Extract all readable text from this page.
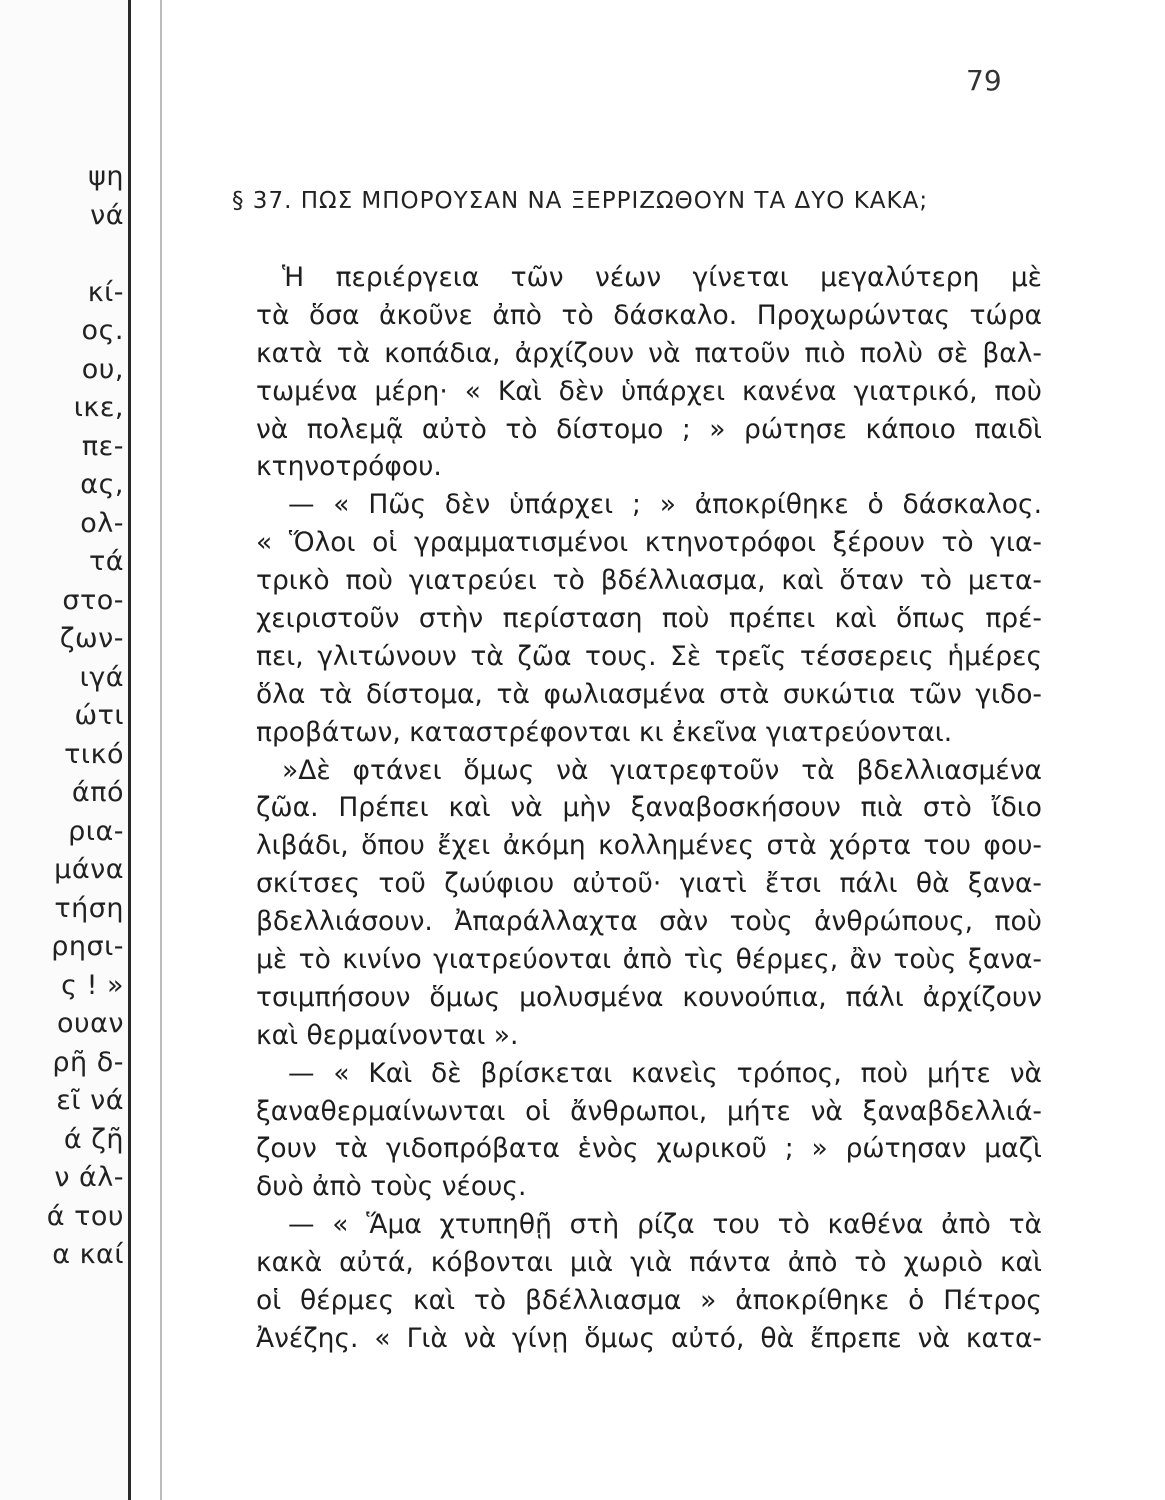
ψη
νά
κί-
ος.
ου,
ικε,
πε-
ας,
ολ-
τά
στο-
ζων-
ιγά
ώτι
τικό
άπό
ρια-
μάνα
τήση
ρησι-
ς ! »
ουαν
ρῆ δ-
εῖ νά
ά ζῆ
ν άλ-
ά του
α καί
79
§ 37. ΠΩΣ ΜΠΟΡΟΥΣΑΝ ΝΑ ΞΕΡΡΙΖΩΘΟΥΝ ΤΑ ΔΥΟ ΚΑΚΑ;
Ἡ περιέργεια τῶν νέων γίνεται μεγαλύτερη μὲ
τὰ ὅσα ἀκοῦνε ἀπὸ τὸ δάσκαλο. Προχωρώντας τώρα
κατὰ τὰ κοπάδια, ἀρχίζουν νὰ πατοῦν πιὸ πολὺ σὲ βαλ-
τωμένα μέρη· « Καὶ δὲν ὑπάρχει κανένα γιατρικό, ποὺ
νὰ πολεμᾷ αὐτὸ τὸ δίστομο ; » ρώτησε κάποιο παιδὶ
κτηνοτρόφου.
— « Πῶς δὲν ὑπάρχει ; » ἀποκρίθηκε ὁ δάσκαλος.
« Ὅλοι οἱ γραμματισμένοι κτηνοτρόφοι ξέρουν τὸ για-
τρικὸ ποὺ γιατρεύει τὸ βδέλλιασμα, καὶ ὅταν τὸ μετα-
χειριστοῦν στὴν περίσταση ποὺ πρέπει καὶ ὅπως πρέ-
πει, γλιτώνουν τὰ ζῶα τους. Σὲ τρεῖς τέσσερεις ἡμέρες
ὅλα τὰ δίστομα, τὰ φωλιασμένα στὰ συκώτια τῶν γιδο-
προβάτων, καταστρέφονται κι ἐκεῖνα γιατρεύονται.
»Δὲ φτάνει ὅμως νὰ γιατρεφτοῦν τὰ βδελλιασμένα
ζῶα. Πρέπει καὶ νὰ μὴν ξαναβοσκήσουν πιὰ στὸ ἴδιο
λιβάδι, ὅπου ἔχει ἀκόμη κολλημένες στὰ χόρτα του φου-
σκίτσες τοῦ ζωύφιου αὐτοῦ· γιατὶ ἔτσι πάλι θὰ ξανα-
βδελλιάσουν. Ἀπαράλλαχτα σὰν τοὺς ἀνθρώπους, ποὺ
μὲ τὸ κινίνο γιατρεύονται ἀπὸ τὶς θέρμες, ἂν τοὺς ξανα-
τσιμπήσουν ὅμως μολυσμένα κουνούπια, πάλι ἀρχίζουν
καὶ θερμαίνονται ».
— « Καὶ δὲ βρίσκεται κανεὶς τρόπος, ποὺ μήτε νὰ
ξαναθερμαίνωνται οἱ ἄνθρωποι, μήτε νὰ ξαναβδελλιά-
ζουν τὰ γιδοπρόβατα ἑνὸς χωρικοῦ ; » ρώτησαν μαζὶ
δυὸ ἀπὸ τοὺς νέους.
— « Ἅμα χτυπηθῇ στὴ ρίζα του τὸ καθένα ἀπὸ τὰ
κακὰ αὐτά, κόβονται μιὰ γιὰ πάντα ἀπὸ τὸ χωριὸ καὶ
οἱ θέρμες καὶ τὸ βδέλλιασμα » ἀποκρίθηκε ὁ Πέτρος
Ἀνέζης. « Γιὰ νὰ γίνῃ ὅμως αὐτό, θὰ ἔπρεπε νὰ κατα-
